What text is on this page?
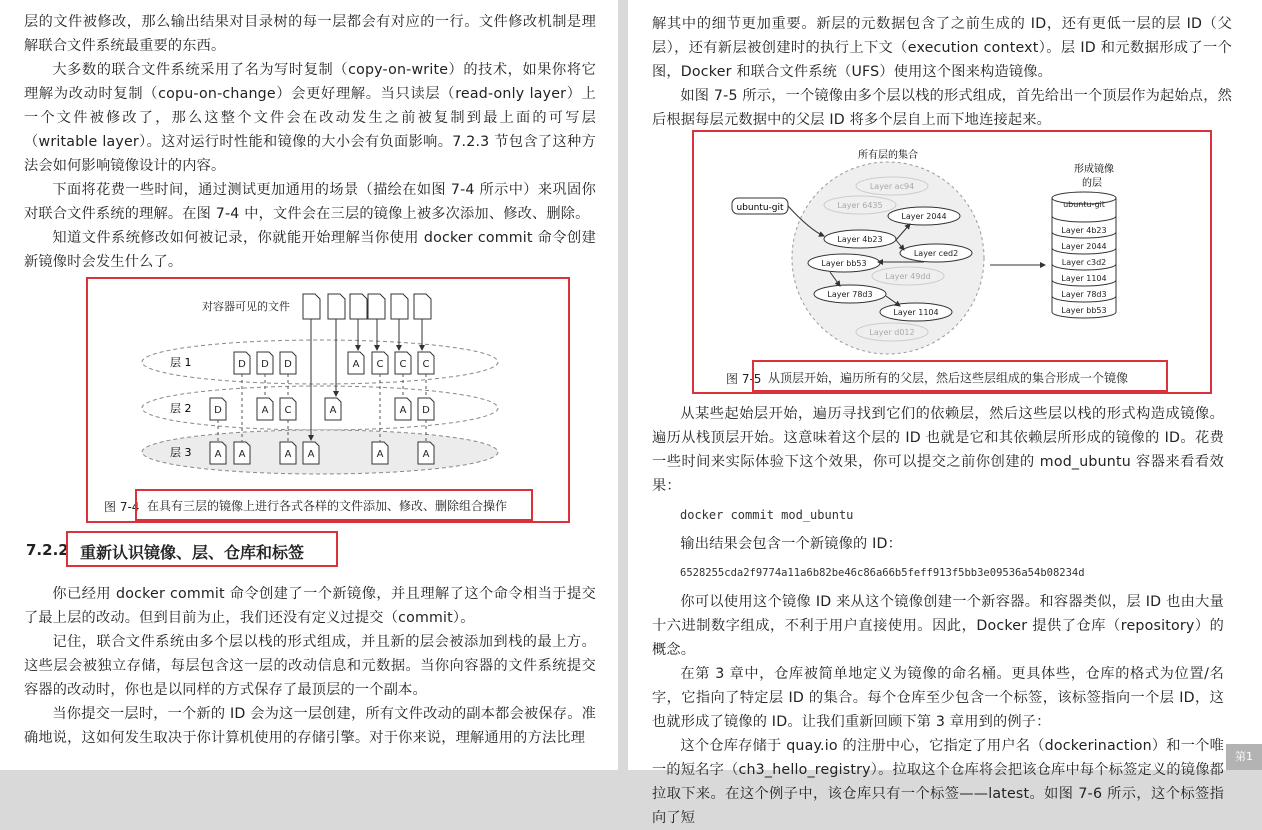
层的文件被修改，那么输出结果对目录树的每一层都会有对应的一行。文件修改机制是理解联合文件系统最重要的东西。

大多数的联合文件系统采用了名为写时复制（copy-on-write）的技术，如果你将它理解为改动时复制（copu-on-change）会更好理解。当只读层（read-only layer）上一个文件被修改了，那么这整个文件会在改动发生之前被复制到最上面的可写层（writable layer）。这对运行时性能和镜像的大小会有负面影响。7.2.3 节包含了这种方法会如何影响镜像设计的内容。

下面将花费一些时间，通过测试更加通用的场景（描绘在如图 7-4 所示中）来巩固你对联合文件系统的理解。在图 7-4 中，文件会在三层的镜像上被多次添加、修改、删除。

知道文件系统修改如何被记录，你就能开始理解当你使用 docker commit 命令创建新镜像时会发生什么了。

对容器可见的文件
层 1
层 2
层 3
D D D	A C C C
D	A C	A	A D
A A	A A	A	A
图 7-4 在具有三层的镜像上进行各式各样的文件添加、修改、删除组合操作
7.2.2 重新认识镜像、层、仓库和标签

你已经用 docker commit 命令创建了一个新镜像，并且理解了这个命令相当于提交了最上层的改动。但到目前为止，我们还没有定义过提交（commit）。

记住，联合文件系统由多个层以栈的形式组成，并且新的层会被添加到栈的最上方。这些层会被独立存储，每层包含这一层的改动信息和元数据。当你向容器的文件系统提交容器的改动时，你也是以同样的方式保存了最顶层的一个副本。

当你提交一层时，一个新的 ID 会为这一层创建，所有文件改动的副本都会被保存。准确地说，这如何发生取决于你计算机使用的存储引擎。对于你来说，理解通用的方法比理

解其中的细节更加重要。新层的元数据包含了之前生成的 ID，还有更低一层的层 ID（父层），还有新层被创建时的执行上下文（execution context）。层 ID 和元数据形成了一个图，Docker 和联合文件系统（UFS）使用这个图来构造镜像。

如图 7-5 所示，一个镜像由多个层以栈的形式组成，首先给出一个顶层作为起始点，然后根据每层元数据中的父层 ID 将多个层自上而下地连接起来。

所有层的集合
形成镜像
的层
ubuntu-git
Layer ac94
Layer 6435
Layer 49dd
Layer d012
Layer 2044
Layer 4b23
Layer ced2
Layer bb53
Layer 78d3
Layer 1104
ubuntu-git
Layer 4b23
Layer 2044
Layer c3d2
Layer 1104
Layer 78d3
Layer bb53
图 7-5 从顶层开始，遍历所有的父层，然后这些层组成的集合形成一个镜像

从某些起始层开始，遍历寻找到它们的依赖层，然后这些层以栈的形式构造成镜像。遍历从栈顶层开始。这意味着这个层的 ID 也就是它和其依赖层所形成的镜像的 ID。花费一些时间来实际体验下这个效果，你可以提交之前你创建的 mod_ubuntu 容器来看看效果：

docker commit mod_ubuntu

输出结果会包含一个新镜像的 ID：

6528255cda2f9774a11a6b82be46c86a66b5feff913f5bb3e09536a54b08234d

你可以使用这个镜像 ID 来从这个镜像创建一个新容器。和容器类似，层 ID 也由大量十六进制数字组成，不利于用户直接使用。因此，Docker 提供了仓库（repository）的概念。

在第 3 章中，仓库被简单地定义为镜像的命名桶。更具体些，仓库的格式为位置/名字，它指向了特定层 ID 的集合。每个仓库至少包含一个标签，该标签指向一个层 ID，这也就形成了镜像的 ID。让我们重新回顾下第 3 章用到的例子：

这个仓库存储于 quay.io 的注册中心，它指定了用户名（dockerinaction）和一个唯一的短名字（ch3_hello_registry）。拉取这个仓库将会把该仓库中每个标签定义的镜像都拉取下来。在这个例子中，该仓库只有一个标签——latest。如图 7-6 所示，这个标签指向了短

第1
